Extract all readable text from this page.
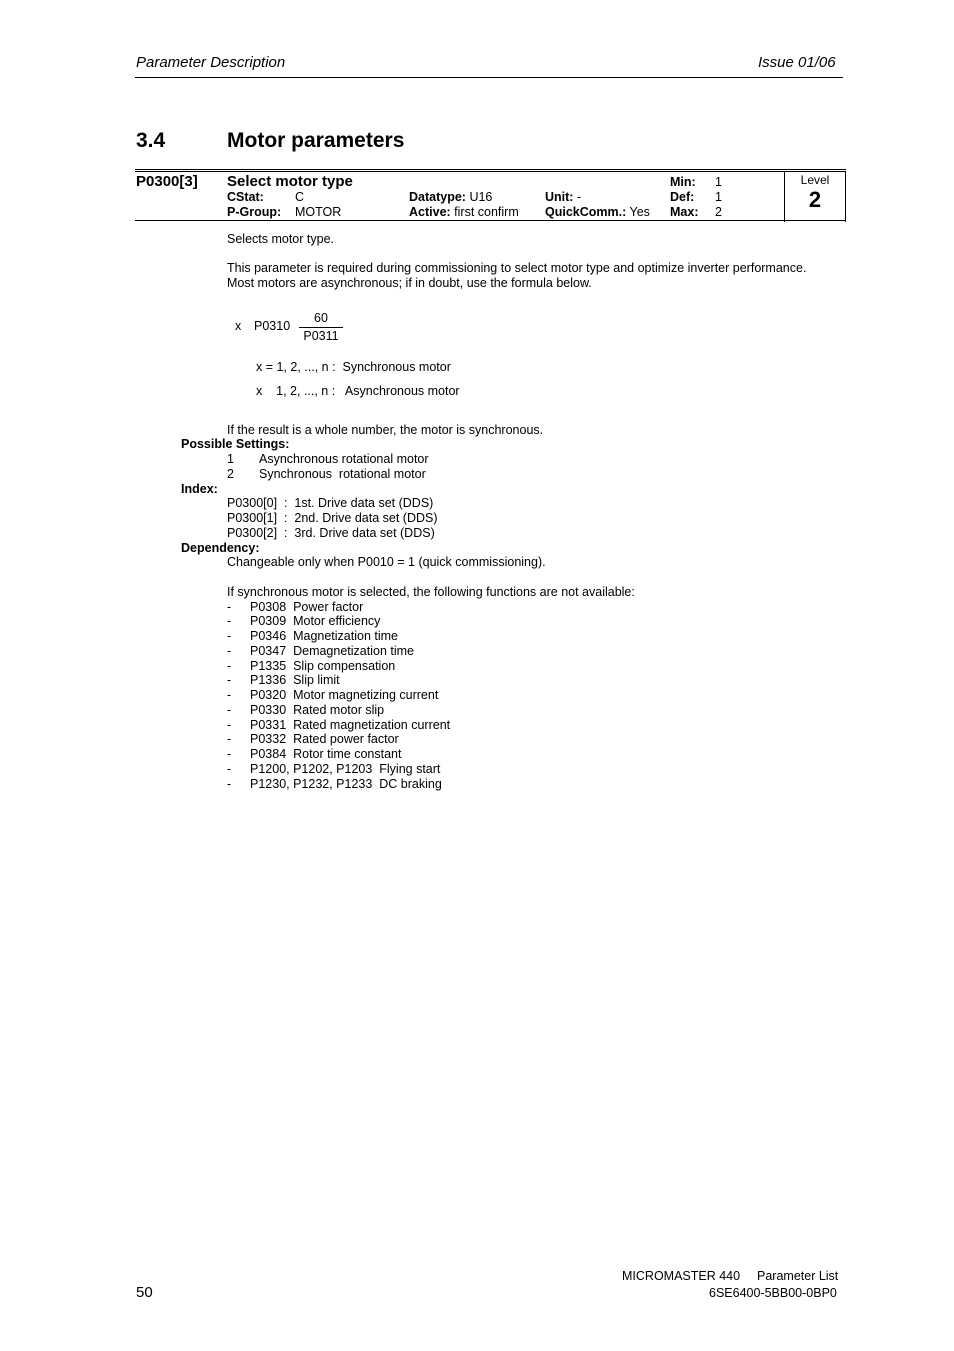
Parameter Description	Issue 01/06
3.4	Motor parameters
P0300[3] Select motor type
CStat: C
P-Group: MOTOR
Datatype: U16
Active: first confirm
Unit: -
QuickComm.: Yes
Min: 1
Def: 1
Max: 2
Level
2
Selects motor type.
This parameter is required during commissioning to select motor type and optimize inverter performance.
Most motors are asynchronous; if in doubt, use the formula below.
x P0310
60
P0311
x = 1, 2, ..., n :  Synchronous motor
x    1, 2, ..., n :   Asynchronous motor
If the result is a whole number, the motor is synchronous.
Possible Settings:
1 Asynchronous rotational motor
2 Synchronous  rotational motor
Index:
P0300[0]  :  1st. Drive data set (DDS)
P0300[1]  :  2nd. Drive data set (DDS)
P0300[2]  :  3rd. Drive data set (DDS)
Dependency:
Changeable only when P0010 = 1 (quick commissioning).
If synchronous motor is selected, the following functions are not available:
- P0308  Power factor
- P0309  Motor efficiency
- P0346  Magnetization time
- P0347  Demagnetization time
- P1335  Slip compensation
- P1336  Slip limit
- P0320  Motor magnetizing current
- P0330  Rated motor slip
- P0331  Rated magnetization current
- P0332  Rated power factor
- P0384  Rotor time constant
- P1200, P1202, P1203  Flying start
- P1230, P1232, P1233  DC braking
50
MICROMASTER 440 Parameter List
6SE6400-5BB00-0BP0
